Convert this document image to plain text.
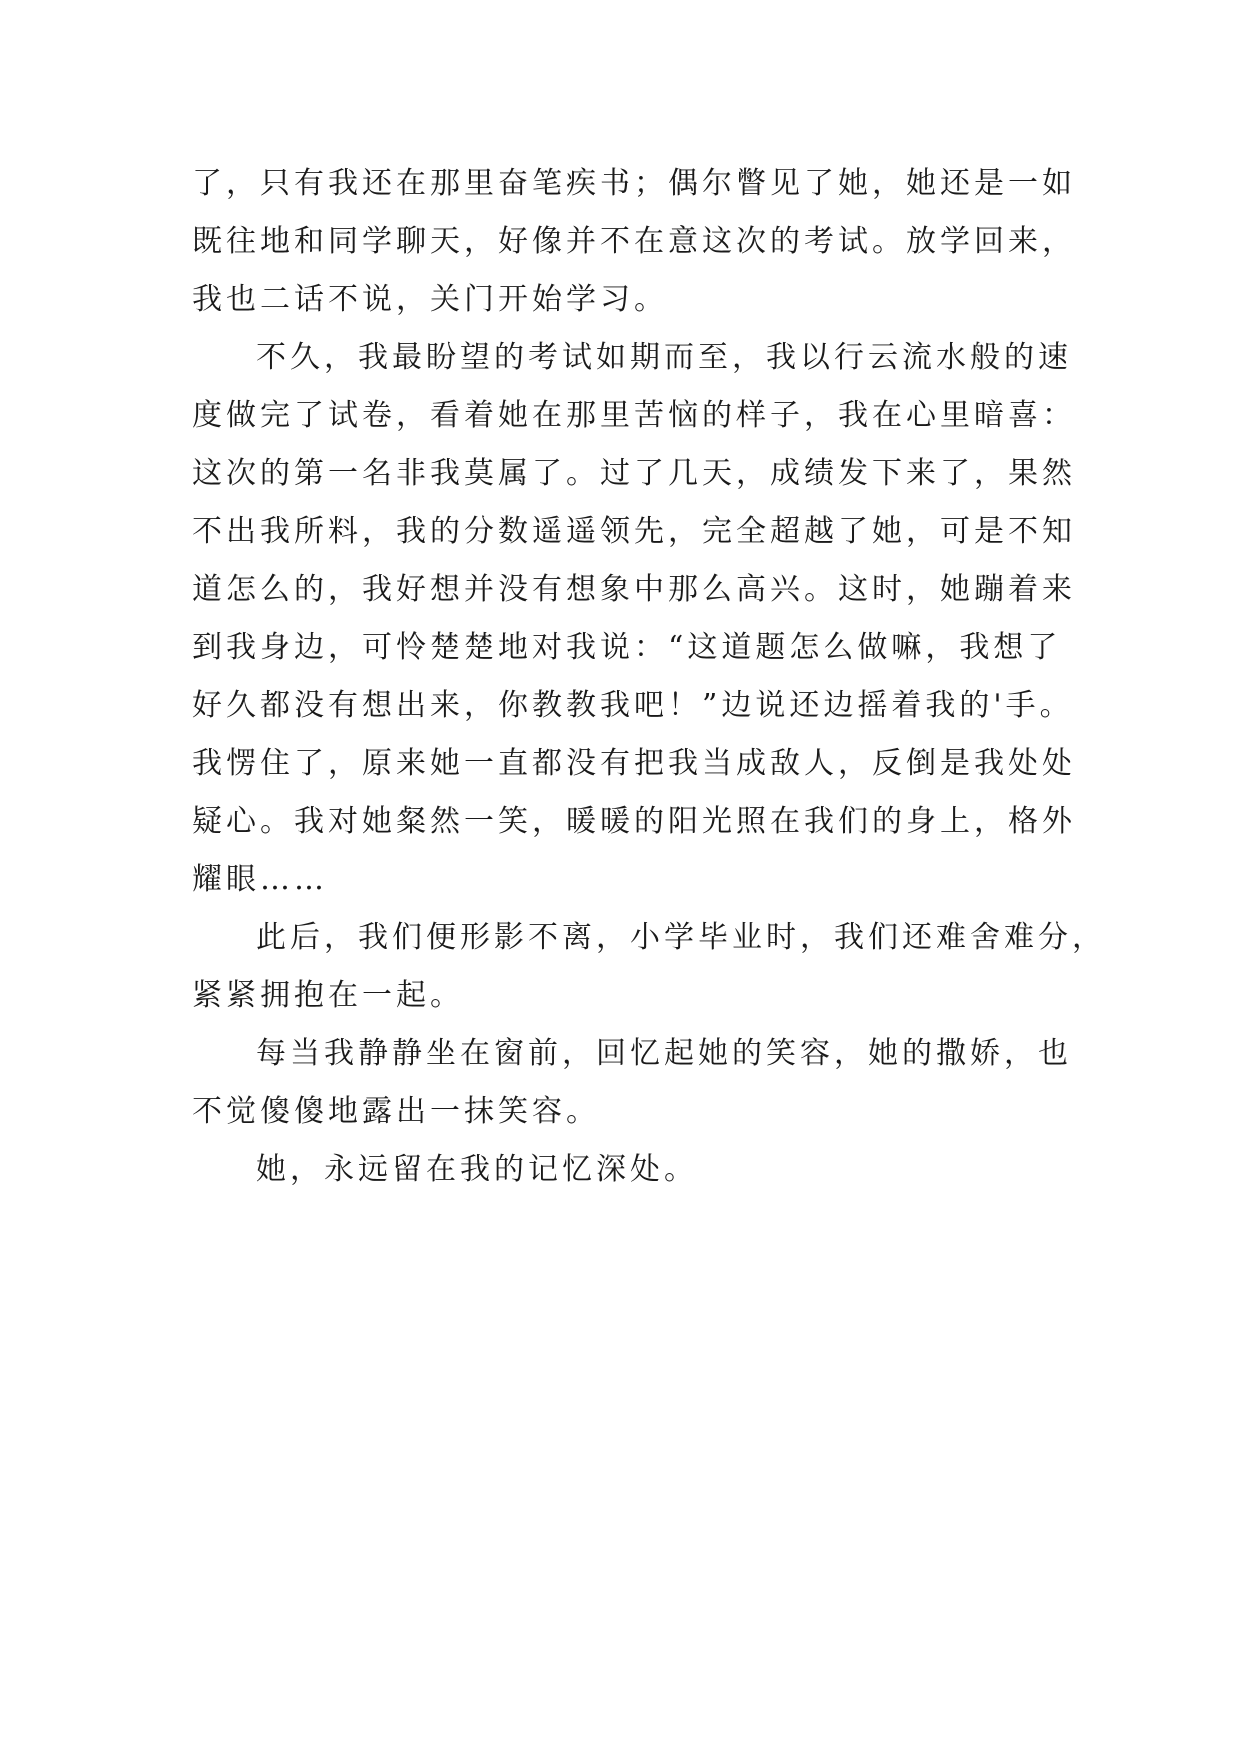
了，只有我还在那里奋笔疾书；偶尔瞥见了她，她还是一如
既往地和同学聊天，好像并不在意这次的考试。放学回来，
我也二话不说，关门开始学习。
不久，我最盼望的考试如期而至，我以行云流水般的速
度做完了试卷，看着她在那里苦恼的样子，我在心里暗喜：
这次的第一名非我莫属了。过了几天，成绩发下来了，果然
不出我所料，我的分数遥遥领先，完全超越了她，可是不知
道怎么的，我好想并没有想象中那么高兴。这时，她蹦着来
到我身边，可怜楚楚地对我说：“这道题怎么做嘛，我想了
好久都没有想出来，你教教我吧！”边说还边摇着我的'手。
我愣住了，原来她一直都没有把我当成敌人，反倒是我处处
疑心。我对她粲然一笑，暖暖的阳光照在我们的身上，格外
耀眼……
此后，我们便形影不离，小学毕业时，我们还难舍难分，
紧紧拥抱在一起。
每当我静静坐在窗前，回忆起她的笑容，她的撒娇，也
不觉傻傻地露出一抹笑容。
她，永远留在我的记忆深处。
